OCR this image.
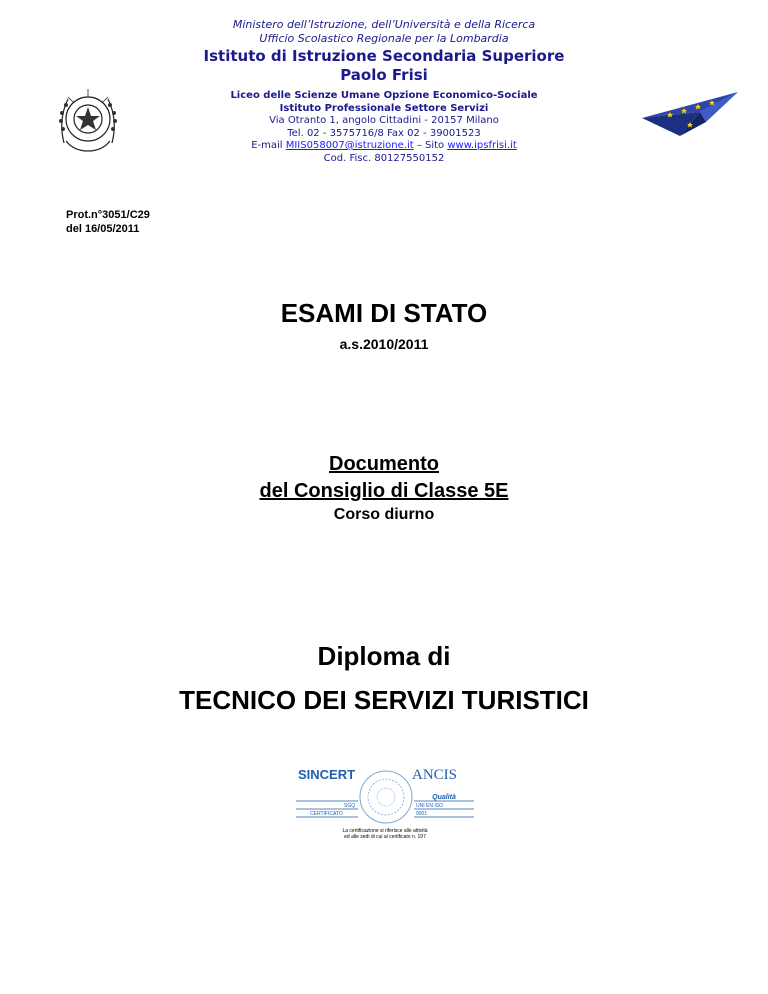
Ministero dell’Istruzione, dell’Università e della Ricerca
Ufficio Scolastico Regionale per la Lombardia
Istituto di Istruzione Secondaria Superiore
Paolo Frisi
Liceo delle Scienze Umane Opzione Economico-Sociale
Istituto Professionale Settore Servizi
Via Otranto 1, angolo Cittadini - 20157 Milano
Tel. 02 - 3575716/8 Fax 02 - 39001523
E-mail MIIS058007@istruzione.it – Sito www.ipsfrisi.it
Cod. Fisc. 80127550152
Prot.n°3051/C29
del 16/05/2011
ESAMI DI STATO
a.s.2010/2011
Documento
del Consiglio di Classe 5E
Corso diurno
Diploma di
TECNICO DEI SERVIZI TURISTICI
SINCERT	ANCIS
Qualità
SGQ
CERTIFICATO
UNI EN ISO
9001
La certificazione si riferisce alle attività
ed alle sedi di cui al certificato n. 197
